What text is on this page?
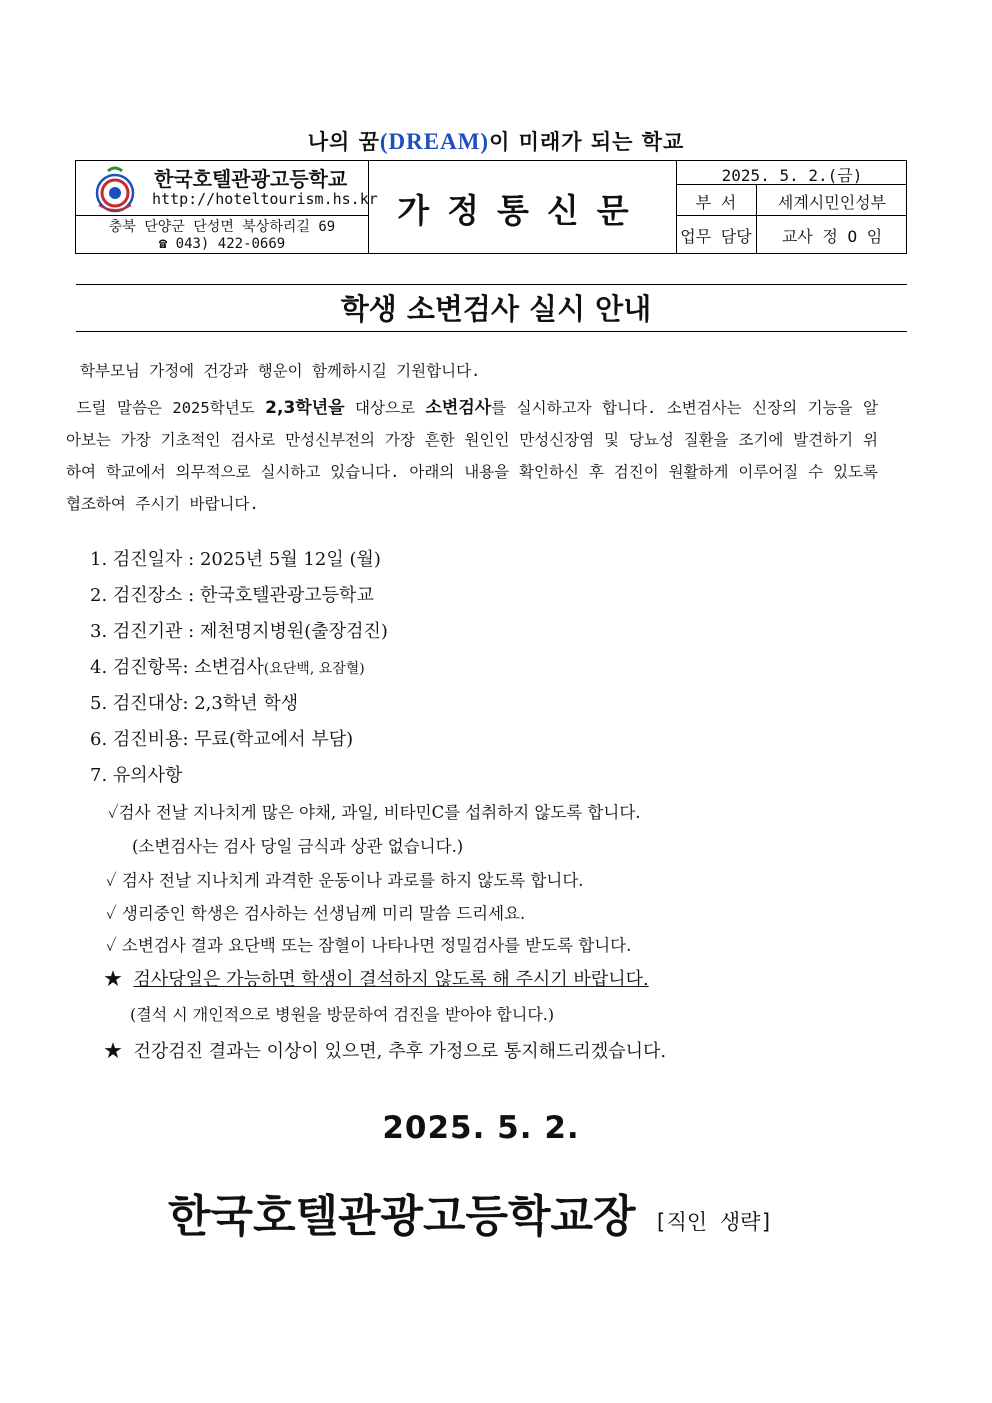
나의 꿈(DREAM)이 미래가 되는 학교
한국호텔관광고등학교
http://hoteltourism.hs.kr
충북 단양군 단성면 북상하리길 69
☎ 043) 422-0669
가정통신문
2025. 5. 2.(금)
부 서	세계시민인성부
업무 담당	교사 정 O 임
학생 소변검사 실시 안내
학부모님 가정에 건강과 행운이 함께하시길 기원합니다.
드릴 말씀은 2025학년도 2,3학년을 대상으로 소변검사를 실시하고자 합니다. 소변검사는 신장의 기능을 알아보는 가장 기초적인 검사로 만성신부전의 가장 흔한 원인인 만성신장염 및 당뇨성 질환을 조기에 발견하기 위하여 학교에서 의무적으로 실시하고 있습니다. 아래의 내용을 확인하신 후 검진이 원활하게 이루어질 수 있도록 협조하여 주시기 바랍니다.
1. 검진일자 : 2025년 5월 12일 (월)
2. 검진장소 : 한국호텔관광고등학교
3. 검진기관 : 제천명지병원(출장검진)
4. 검진항목: 소변검사(요단백, 요잠혈)
5. 검진대상: 2,3학년 학생
6. 검진비용: 무료(학교에서 부담)
7. 유의사항
✓검사 전날 지나치게 많은 야채, 과일, 비타민C를 섭취하지 않도록 합니다.
(소변검사는 검사 당일 금식과 상관 없습니다.)
✓ 검사 전날 지나치게 과격한 운동이나 과로를 하지 않도록 합니다.
✓ 생리중인 학생은 검사하는 선생님께 미리 말씀 드리세요.
✓ 소변검사 결과 요단백 또는 잠혈이 나타나면 정밀검사를 받도록 합니다.
★ 검사당일은 가능하면 학생이 결석하지 않도록 해 주시기 바랍니다.
(결석 시 개인적으로 병원을 방문하여 검진을 받아야 합니다.)
★ 건강검진 결과는 이상이 있으면, 추후 가정으로 통지해드리겠습니다.
2025. 5. 2.
한국호텔관광고등학교장 [직인 생략]
